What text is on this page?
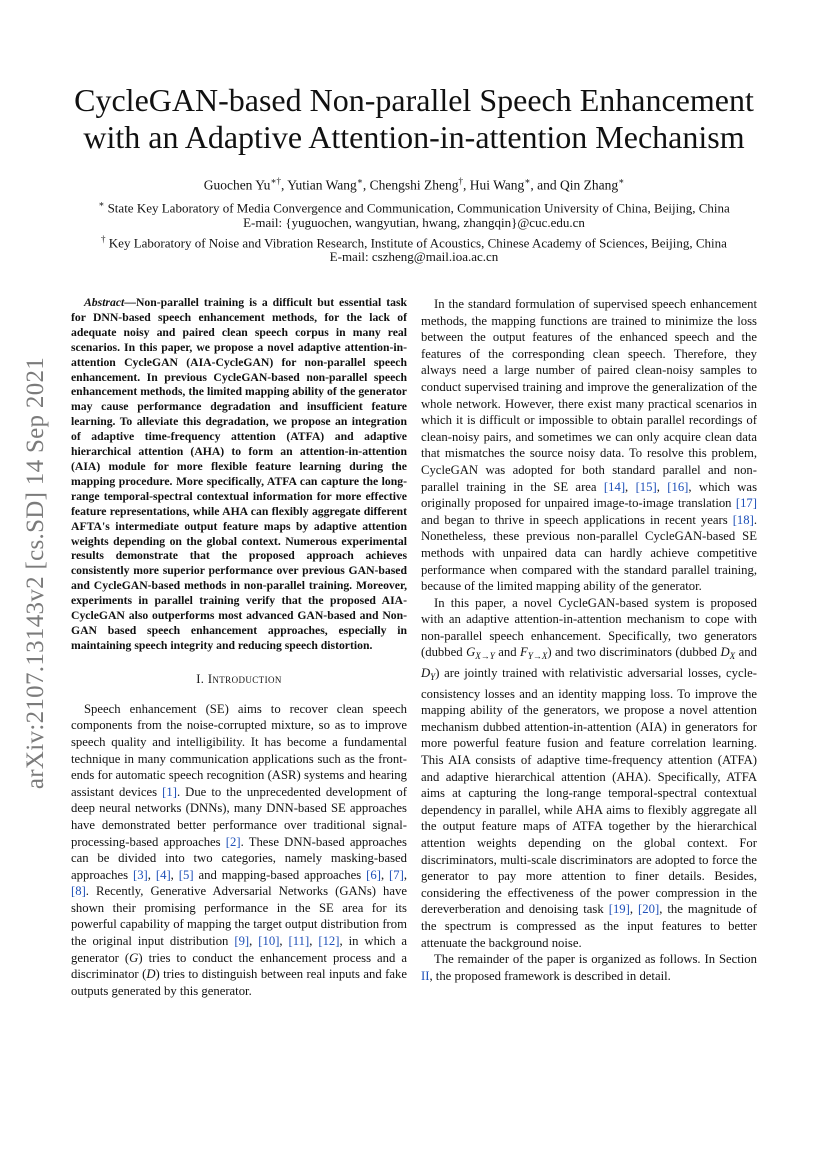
arXiv:2107.13143v2 [cs.SD] 14 Sep 2021
CycleGAN-based Non-parallel Speech Enhancement
with an Adaptive Attention-in-attention Mechanism
Guochen Yu∗†, Yutian Wang∗, Chengshi Zheng†, Hui Wang∗, and Qin Zhang∗
∗ State Key Laboratory of Media Convergence and Communication, Communication University of China, Beijing, China
E-mail: {yuguochen, wangyutian, hwang, zhangqin}@cuc.edu.cn
† Key Laboratory of Noise and Vibration Research, Institute of Acoustics, Chinese Academy of Sciences, Beijing, China
E-mail: cszheng@mail.ioa.ac.cn

Abstract—Non-parallel training is a difficult but essential task for DNN-based speech enhancement methods, for the lack of adequate noisy and paired clean speech corpus in many real scenarios. In this paper, we propose a novel adaptive attention-in-attention CycleGAN (AIA-CycleGAN) for non-parallel speech enhancement. In previous CycleGAN-based non-parallel speech enhancement methods, the limited mapping ability of the generator may cause performance degradation and insufficient feature learning. To alleviate this degradation, we propose an integration of adaptive time-frequency attention (ATFA) and adaptive hierarchical attention (AHA) to form an attention-in-attention (AIA) module for more flexible feature learning during the mapping procedure. More specifically, ATFA can capture the long-range temporal-spectral contextual information for more effective feature representations, while AHA can flexibly aggregate different AFTA's intermediate output feature maps by adaptive attention weights depending on the global context. Numerous experimental results demonstrate that the proposed approach achieves consistently more superior performance over previous GAN-based and CycleGAN-based methods in non-parallel training. Moreover, experiments in parallel training verify that the proposed AIA-CycleGAN also outperforms most advanced GAN-based and Non-GAN based speech enhancement approaches, especially in maintaining speech integrity and reducing speech distortion.

I. Introduction

Speech enhancement (SE) aims to recover clean speech components from the noise-corrupted mixture, so as to improve speech quality and intelligibility. It has become a fundamental technique in many communication applications such as the front-ends for automatic speech recognition (ASR) systems and hearing assistant devices [1]. Due to the unprecedented development of deep neural networks (DNNs), many DNN-based SE approaches have demonstrated better performance over traditional signal-processing-based approaches [2]. These DNN-based approaches can be divided into two categories, namely masking-based approaches [3], [4], [5] and mapping-based approaches [6], [7], [8]. Recently, Generative Adversarial Networks (GANs) have shown their promising performance in the SE area for its powerful capability of mapping the target output distribution from the original input distribution [9], [10], [11], [12], in which a generator (G) tries to conduct the enhancement process and a discriminator (D) tries to distinguish between real inputs and fake outputs generated by this generator.

In the standard formulation of supervised speech enhancement methods, the mapping functions are trained to minimize the loss between the output features of the enhanced speech and the features of the corresponding clean speech. Therefore, they always need a large number of paired clean-noisy samples to conduct supervised training and improve the generalization of the whole network. However, there exist many practical scenarios in which it is difficult or impossible to obtain parallel recordings of clean-noisy pairs, and sometimes we can only acquire clean data that mismatches the source noisy data. To resolve this problem, CycleGAN was adopted for both standard parallel and non-parallel training in the SE area [14], [15], [16], which was originally proposed for unpaired image-to-image translation [17] and began to thrive in speech applications in recent years [18]. Nonetheless, these previous non-parallel CycleGAN-based SE methods with unpaired data can hardly achieve competitive performance when compared with the standard parallel training, because of the limited mapping ability of the generator.

In this paper, a novel CycleGAN-based system is proposed with an adaptive attention-in-attention mechanism to cope with non-parallel speech enhancement. Specifically, two generators (dubbed $G_{X\to Y}$ and $F_{Y\to X}$) and two discriminators (dubbed $D_X$ and $D_Y$) are jointly trained with relativistic adversarial losses, cycle-consistency losses and an identity mapping loss. To improve the mapping ability of the generators, we propose a novel attention mechanism dubbed attention-in-attention (AIA) in generators for more powerful feature fusion and feature correlation learning. This AIA consists of adaptive time-frequency attention (ATFA) and adaptive hierarchical attention (AHA). Specifically, ATFA aims at capturing the long-range temporal-spectral contextual dependency in parallel, while AHA aims to flexibly aggregate all the output feature maps of ATFA together by the hierarchical attention weights depending on the global context. For discriminators, multi-scale discriminators are adopted to force the generator to pay more attention to finer details. Besides, considering the effectiveness of the power compression in the dereverberation and denoising task [19], [20], the magnitude of the spectrum is compressed as the input features to better attenuate the background noise.

The remainder of the paper is organized as follows. In Section II, the proposed framework is described in detail.
